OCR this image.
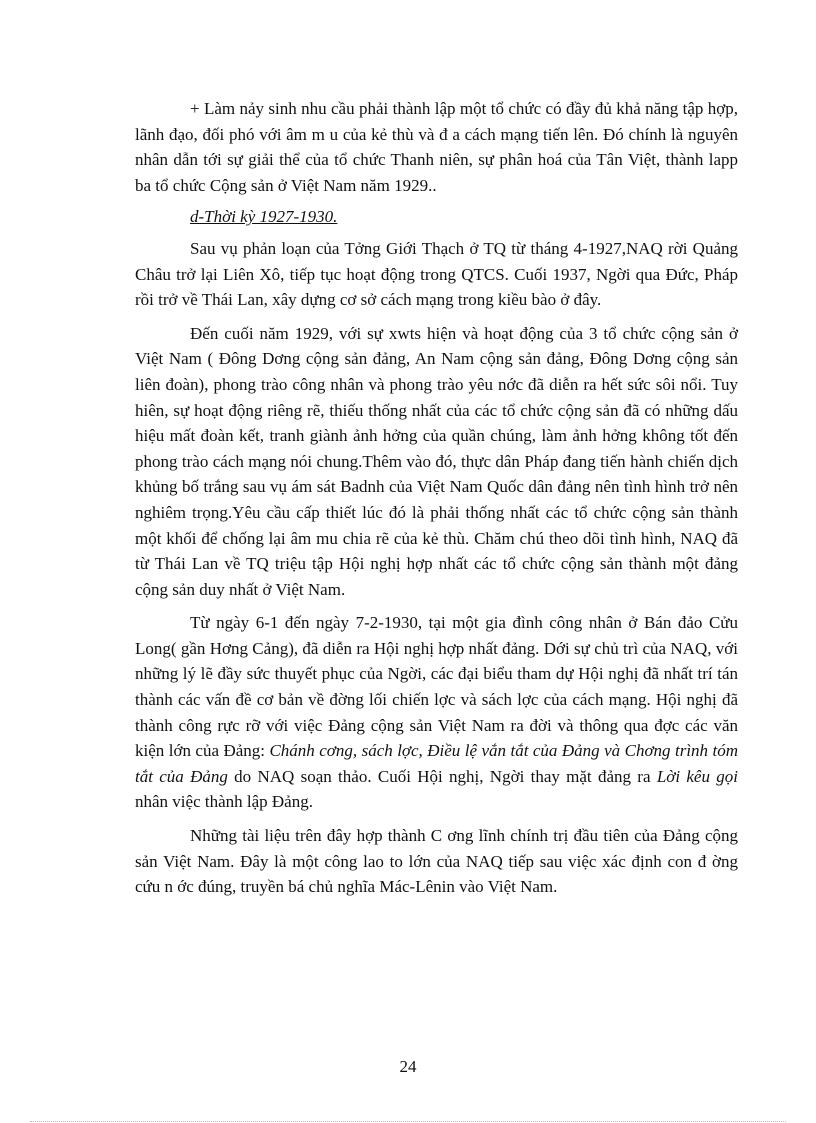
+ Làm nảy sinh nhu cầu phải thành lập một tổ chức có đầy đủ khả năng tập hợp, lãnh đạo, đối phó với âm m u của kẻ thù và đ a cách mạng tiến lên. Đó chính là nguyên nhân dẫn tới sự giải thể của tổ chức Thanh niên, sự phân hoá của Tân Việt, thành lapp ba tổ chức Cộng sản ở Việt Nam năm 1929..

d-Thời kỳ 1927-1930.

Sau vụ phản loạn của Tởng Giới Thạch ở TQ từ tháng 4-1927,NAQ rời Quảng Châu trở lại Liên Xô, tiếp tục hoạt động trong QTCS. Cuối 1937, Ngời qua Đức, Pháp rồi trở về Thái Lan, xây dựng cơ sở cách mạng trong kiều bào ở đây.

Đến cuối năm 1929, với sự xwts hiện và hoạt động của 3 tổ chức cộng sản ở Việt Nam ( Đông Dơng cộng sản đảng, An Nam cộng sản đảng, Đông Dơng cộng sản liên đoàn), phong trào công nhân và phong trào yêu nớc đã diễn ra hết sức sôi nổi. Tuy hiên, sự hoạt động riêng rẽ, thiếu thống nhất của các tổ chức cộng sản đã có những dấu hiệu mất đoàn kết, tranh giành ảnh hởng của quần chúng, làm ảnh hởng không tốt đến phong trào cách mạng nói chung.Thêm vào đó, thực dân Pháp đang tiến hành chiến dịch khủng bố trắng sau vụ ám sát Badnh của Việt Nam Quốc dân đảng nên tình hình trở nên nghiêm trọng.Yêu cầu cấp thiết lúc đó là phải thống nhất các tổ chức cộng sản thành một khối để chống lại âm mu chia rẽ của kẻ thù. Chăm chú theo dõi tình hình, NAQ đã từ Thái Lan về TQ triệu tập Hội nghị hợp nhất các tổ chức cộng sản thành một đảng cộng sản duy nhất ở Việt Nam.

Từ ngày 6-1 đến ngày 7-2-1930, tại một gia đình công nhân ở Bán đảo Cửu Long( gần Hơng Cảng), đã diễn ra Hội nghị hợp nhất đảng. Dới sự chủ trì của NAQ, với những lý lẽ đầy sức thuyết phục của Ngời, các đại biểu tham dự Hội nghị đã nhất trí tán thành các vấn đề cơ bản về đờng lối chiến lợc và sách lợc của cách mạng. Hội nghị đã thành công rực rỡ với việc Đảng cộng sản Việt Nam ra đời và thông qua đợc các văn kiện lớn của Đảng: Chánh cơng, sách lợc, Điều lệ vắn tắt của Đảng và Chơng trình tóm tắt của Đảng do NAQ soạn thảo. Cuối Hội nghị, Ngời thay mặt đảng ra Lời kêu gọi nhân việc thành lập Đảng.

Những tài liệu trên đây hợp thành C ơng lĩnh chính trị đầu tiên của Đảng cộng sản Việt Nam. Đây là một công lao to lớn của NAQ tiếp sau việc xác định con đ ờng cứu n ớc đúng, truyền bá chủ nghĩa Mác-Lênin vào Việt Nam.

24
